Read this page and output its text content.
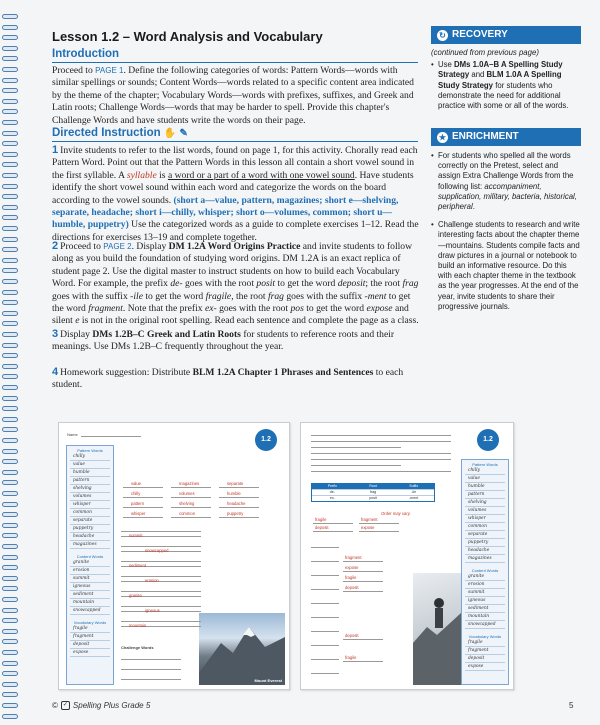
Lesson 1.2 – Word Analysis and Vocabulary
Introduction
Proceed to PAGE 1. Define the following categories of words: Pattern Words—words with similar spellings or sounds; Content Words—words related to a specific content area indicated by the theme of the chapter; Vocabulary Words—words with prefixes, suffixes, and Greek and Latin roots; Challenge Words—words that may be harder to spell. Provide this chapter's Challenge Words and have students write the words on their page.
Directed Instruction ✋ ✎
1 Invite students to refer to the list words, found on page 1, for this activity. Chorally read each Pattern Word. Point out that the Pattern Words in this lesson all contain a short vowel sound in the first syllable. A syllable is a word or a part of a word with one vowel sound. Have students identify the short vowel sound within each word and categorize the words on the board according to the vowel sounds. (short a—value, pattern, magazines; short e—shelving, separate, headache; short i—chilly, whisper; short o—volumes, common; short u—humble, puppetry) Use the categorized words as a guide to complete exercises 1–12. Read the directions for exercises 13–19 and complete together.
2 Proceed to PAGE 2. Display DM 1.2A Word Origins Practice and invite students to follow along as you build the foundation of studying word origins. DM 1.2A is an exact replica of student page 2. Use the digital master to instruct students on how to build each Vocabulary Word. For example, the prefix de- goes with the root posit to get the word deposit; the root frag goes with the suffix -ile to get the word fragile, the root frag goes with the suffix -ment to get the word fragment. Note that the prefix ex- goes with the root pos to get the word expose and silent e is not in the original root spelling. Read each sentence and complete the page as a class.
3 Display DMs 1.2B–C Greek and Latin Roots for students to reference roots and their meanings. Use DMs 1.2B–C frequently throughout the year.
4 Homework suggestion: Distribute BLM 1.2A Chapter 1 Phrases and Sentences to each student.
↻ RECOVERY
(continued from previous page)
• Use DMs 1.0A–B A Spelling Study Strategy and BLM 1.0A A Spelling Study Strategy for students who demonstrate the need for additional practice with some or all of the words.
★ ENRICHMENT
• For students who spelled all the words correctly on the Pretest, select and assign Extra Challenge Words from the following list: accompaniment, supplication, military, bacteria, historical, peripheral.
• Challenge students to research and write interesting facts about the chapter theme—mountains. Students compile facts and draw pictures in a journal or notebook to build an informative resource. Do this with each chapter theme in the textbook as the year progresses. At the end of the year, invite students to share their progressive journals.
Name
1.2
Pattern Words
chilly
value
humble
pattern
shelving
volumes
whisper
common
separate
puppetry
headache
magazines
Content Words
granite
erosion
summit
igneous
sediment
mountain
snowcapped
Vocabulary Words
fragile
fragment
deposit
expose
Challenge Words
Mount Everest
value	magazines	separate
chilly	volumes	humble
pattern	shelving	headache
whisper	common	puppetry
summit
snowcapped
sediment
erosion
granite
igneous
mountain
1.2
Prefix	Root	Suffix
de-	frag	-ile
ex-	posit	-ment
Order may vary.
Pattern Words
chilly
value
humble
pattern
shelving
volumes
whisper
common
separate
puppetry
headache
magazines
Content Words
granite
erosion
summit
igneous
sediment
mountain
snowcapped
Vocabulary Words
fragile
fragment
deposit
expose
fragile	fragment
deposit	expose
fragment
expose
fragile
deposit
deposit
fragile
© ✓ Spelling Plus Grade 5	5
